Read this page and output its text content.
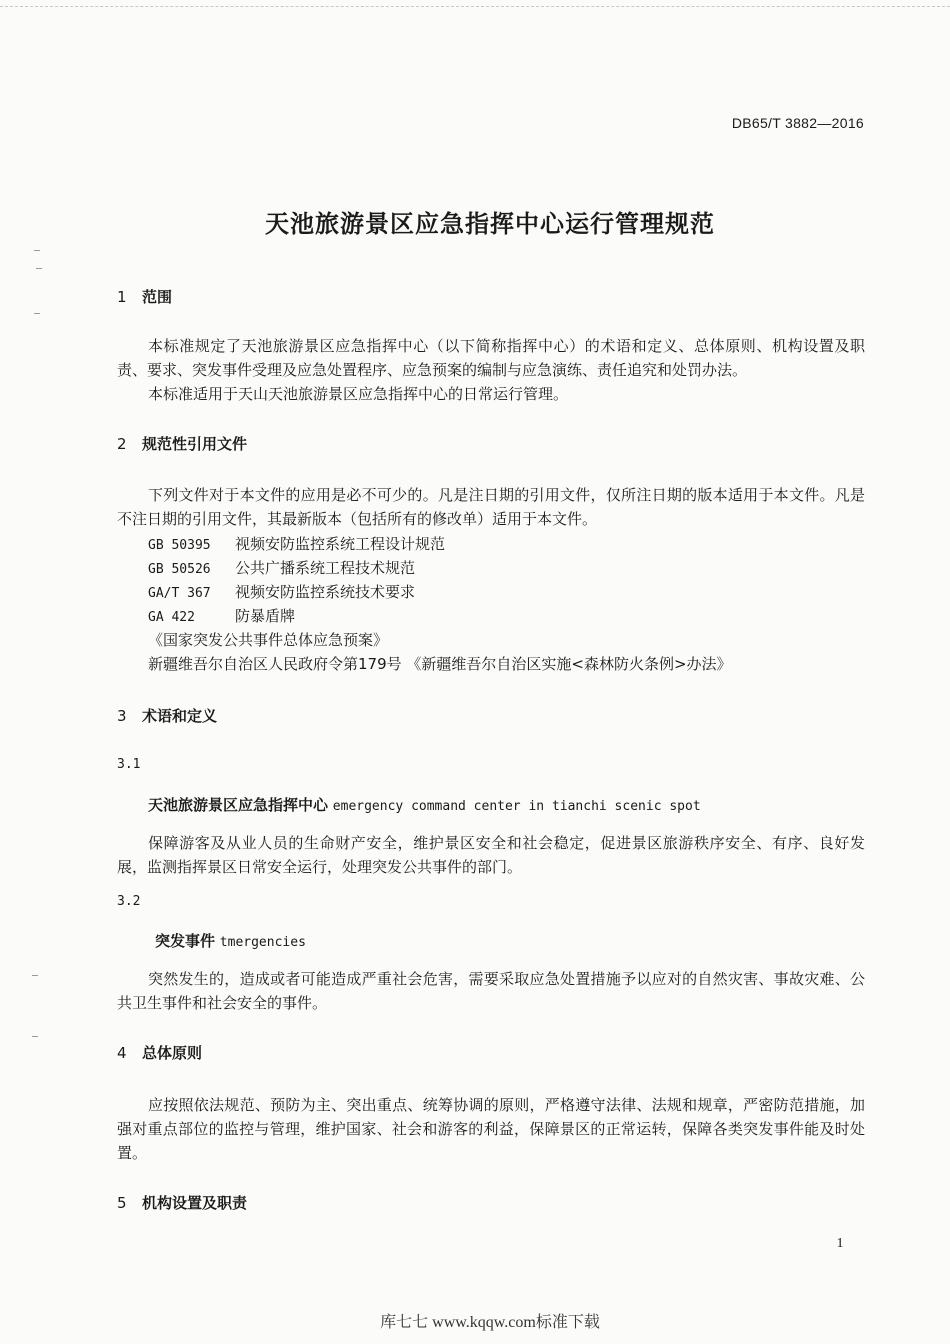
DB65/T 3882—2016
天池旅游景区应急指挥中心运行管理规范
1 范围
本标准规定了天池旅游景区应急指挥中心（以下简称指挥中心）的术语和定义、总体原则、机构设置及职责、要求、突发事件受理及应急处置程序、应急预案的编制与应急演练、责任追究和处罚办法。
本标准适用于天山天池旅游景区应急指挥中心的日常运行管理。
2 规范性引用文件
下列文件对于本文件的应用是必不可少的。凡是注日期的引用文件，仅所注日期的版本适用于本文件。凡是不注日期的引用文件，其最新版本（包括所有的修改单）适用于本文件。
GB 50395 视频安防监控系统工程设计规范
GB 50526 公共广播系统工程技术规范
GA/T 367 视频安防监控系统技术要求
GA 422	防暴盾牌
《国家突发公共事件总体应急预案》
新疆维吾尔自治区人民政府令第179号 《新疆维吾尔自治区实施<森林防火条例>办法》
3 术语和定义
3.1
天池旅游景区应急指挥中心 emergency command center in tianchi scenic spot
保障游客及从业人员的生命财产安全，维护景区安全和社会稳定，促进景区旅游秩序安全、有序、良好发展，监测指挥景区日常安全运行，处理突发公共事件的部门。
3.2
突发事件 tmergencies
突然发生的，造成或者可能造成严重社会危害，需要采取应急处置措施予以应对的自然灾害、事故灾难、公共卫生事件和社会安全的事件。
4 总体原则
应按照依法规范、预防为主、突出重点、统筹协调的原则，严格遵守法律、法规和规章，严密防范措施，加强对重点部位的监控与管理，维护国家、社会和游客的利益，保障景区的正常运转，保障各类突发事件能及时处置。
5 机构设置及职责
1
库七七 www.kqqw.com标准下载
